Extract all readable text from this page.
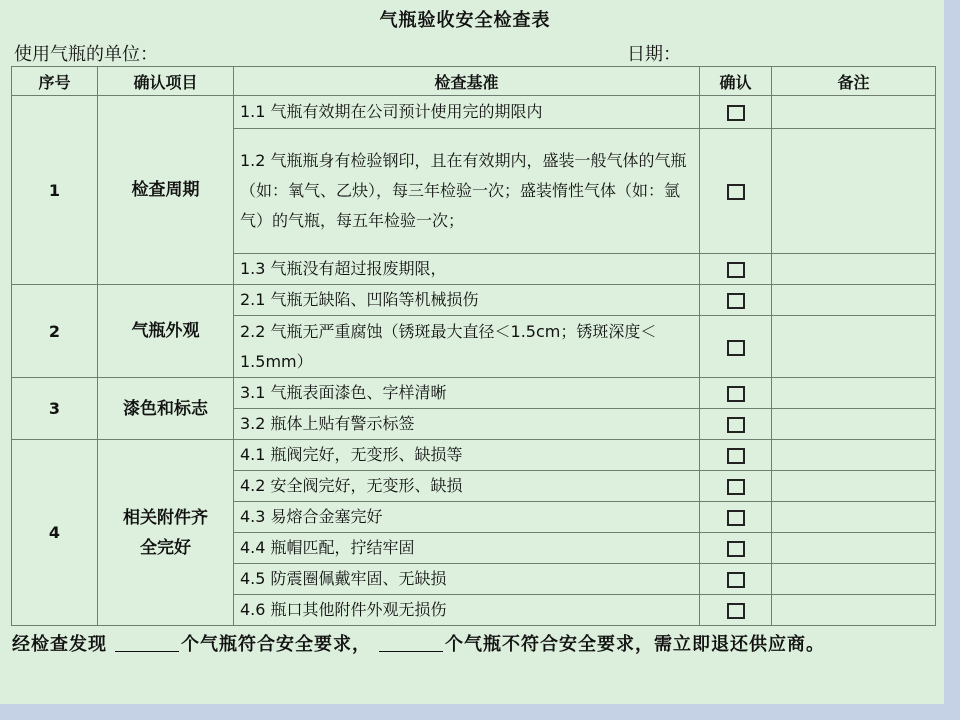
气瓶验收安全检查表
使用气瓶的单位：	日期：
序号	确认项目	检查基准	确认	备注
1	检查周期	1.1 气瓶有效期在公司预计使用完的期限内		
		1.2 气瓶瓶身有检验钢印，且在有效期内，盛装一般气体的气瓶（如：氧气、乙炔），每三年检验一次；盛装惰性气体（如：氩气）的气瓶，每五年检验一次；		
		1.3 气瓶没有超过报废期限，		
2	气瓶外观	2.1 气瓶无缺陷、凹陷等机械损伤		
		2.2 气瓶无严重腐蚀（锈斑最大直径＜1.5cm；锈斑深度＜1.5mm）		
3	漆色和标志	3.1 气瓶表面漆色、字样清晰		
		3.2 瓶体上贴有警示标签		
4	相关附件齐全完好	4.1 瓶阀完好，无变形、缺损等		
		4.2 安全阀完好，无变形、缺损		
		4.3 易熔合金塞完好		
		4.4 瓶帽匹配，拧结牢固		
		4.5 防震圈佩戴牢固、无缺损		
		4.6 瓶口其他附件外观无损伤		
经检查发现	个气瓶符合安全要求，	个气瓶不符合安全要求，需立即退还供应商。
